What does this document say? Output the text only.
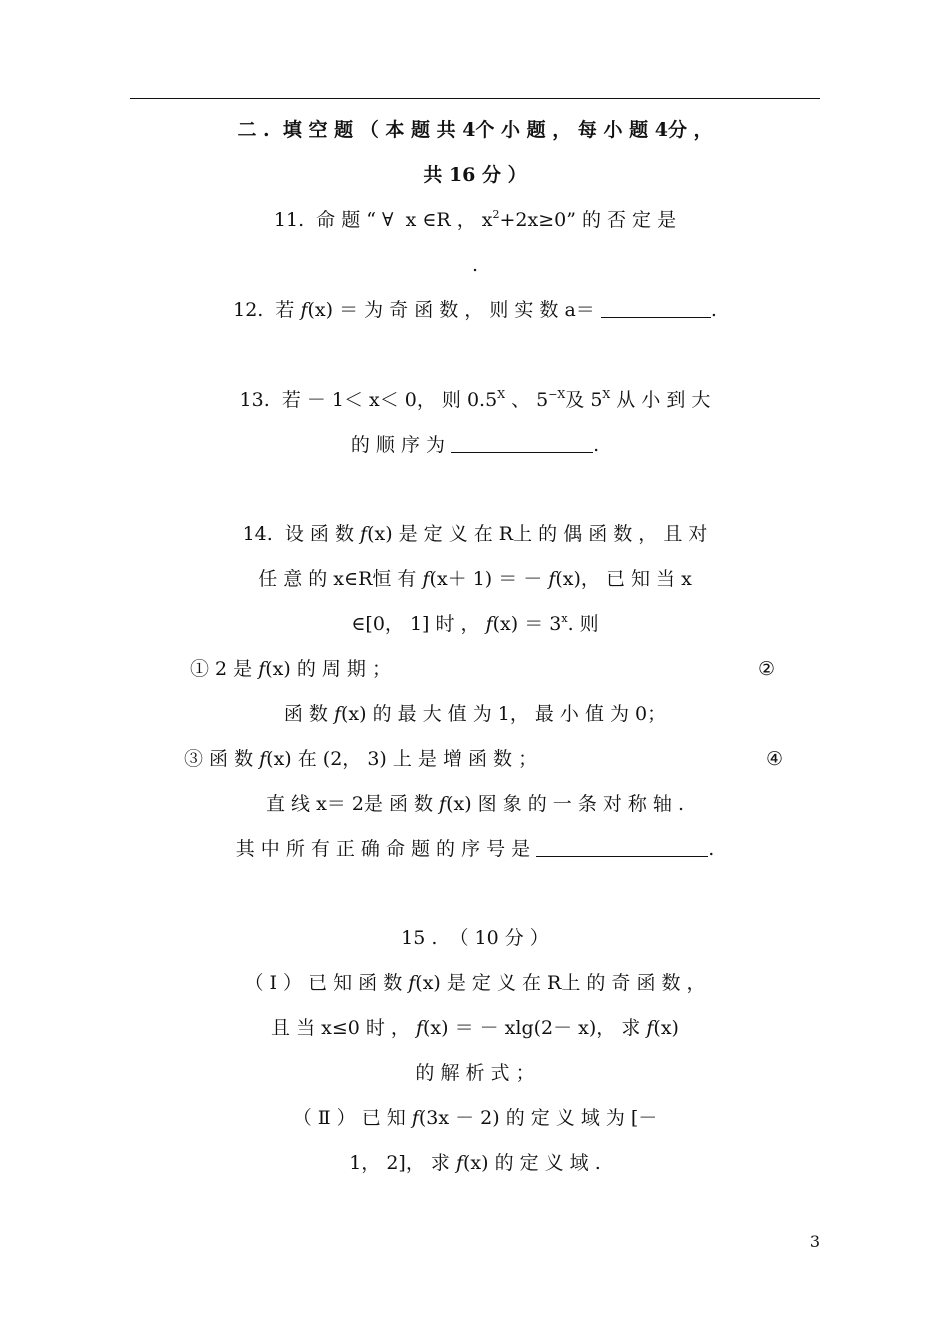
二 .  填 空 题 （ 本 题 共 4个 小 题 ， 每 小 题 4分 ，
共 16 分 ）
11.  命 题 “ ∀  x ∈R ， $x^2+2x\ge 0$” 的 否 定 是
.
12.  若 f(x) ＝ 为 奇 函 数 ， 则 实 数 a＝	.
13.  若 － 1＜ x＜ 0， 则 $0.5^X$ 、 $5^{-X}$及 $5^X$ 从 小 到 大
的 顺 序 为	.
14.  设 函 数 f(x) 是 定 义 在 R上 的 偶 函 数 ， 且 对
任 意 的 x∈R恒 有 f(x＋ 1) ＝ － f(x)， 已 知 当 x
∈[0， 1] 时 ， $f(x) = 3^x$. 则
① 2 是 f(x) 的 周 期 ；	②
函 数 f(x) 的 最 大 值 为 1， 最 小 值 为 0；
③ 函 数 f(x) 在 (2， 3) 上 是 增 函 数 ；	④
直 线 x＝ 2是 函 数 f(x) 图 象 的 一 条 对 称 轴 .
其 中 所 有 正 确 命 题 的 序 号 是	.
15 .  （ 10 分 ）
（ Ⅰ ） 已 知 函 数 f(x) 是 定 义 在 R上 的 奇 函 数 ，
且 当 x≤0 时 ， f(x) ＝ － xlg(2－ x)， 求 f(x)
的 解 析 式 ；
（ Ⅱ ） 已 知 f(3x － 2) 的 定 义 域 为 [－
1， 2]， 求 f(x) 的 定 义 域 .
3
